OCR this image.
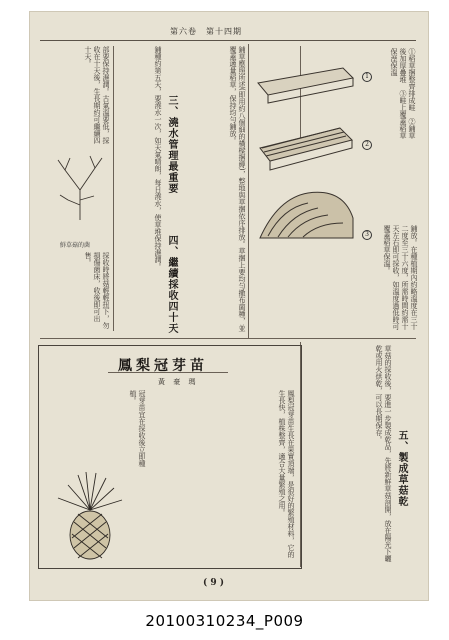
第六卷　第十四期
①稻草捆整齊排成畦　②鋪草後加厚疊堆　③畦上覆蓋稻草保溼保溫
鋪放。在種植期內約略溫度在三十二度至三十六度，所需時間約需十天左右即可採收，如溫度過低時可覆蓋稻草保溫。
1
2
3
鋪草應照所述(即用約八個細的橫樑捆縛)，整地與草捆依序排放。草捆上要均勻撒布菌種，並覆蓋適量稻草，保持均勻鋪放。
三、澆水管理最重要
鋪種約第五天，要澆水一次，如天氣晴朗，每日澆水，使草堆保持濕潤。
四、繼續採收四十天
部要保持濕潤。古氣溫要低，採收在十天後，生長期約可繼續四十天。
鮮草菇的菌
採收時將菇輕輕扭下，勿損傷菌床，收後即可出售。
五、製成草菇乾
草菇的採收後，要進一步製成乾品，先將新鮮草菇剖開，放在陽光下曬乾或用火烘乾，可以長期保存。
鳳梨冠芽苗
黃 豪 瑪
鳳梨冠芽苗生長在果實頂端，是很好的繁殖材料，它的生長快，植株整齊，適合大量繁殖之用。
冠芽苗宜在採收後立即種植。
( 9 )
20100310234_P009
